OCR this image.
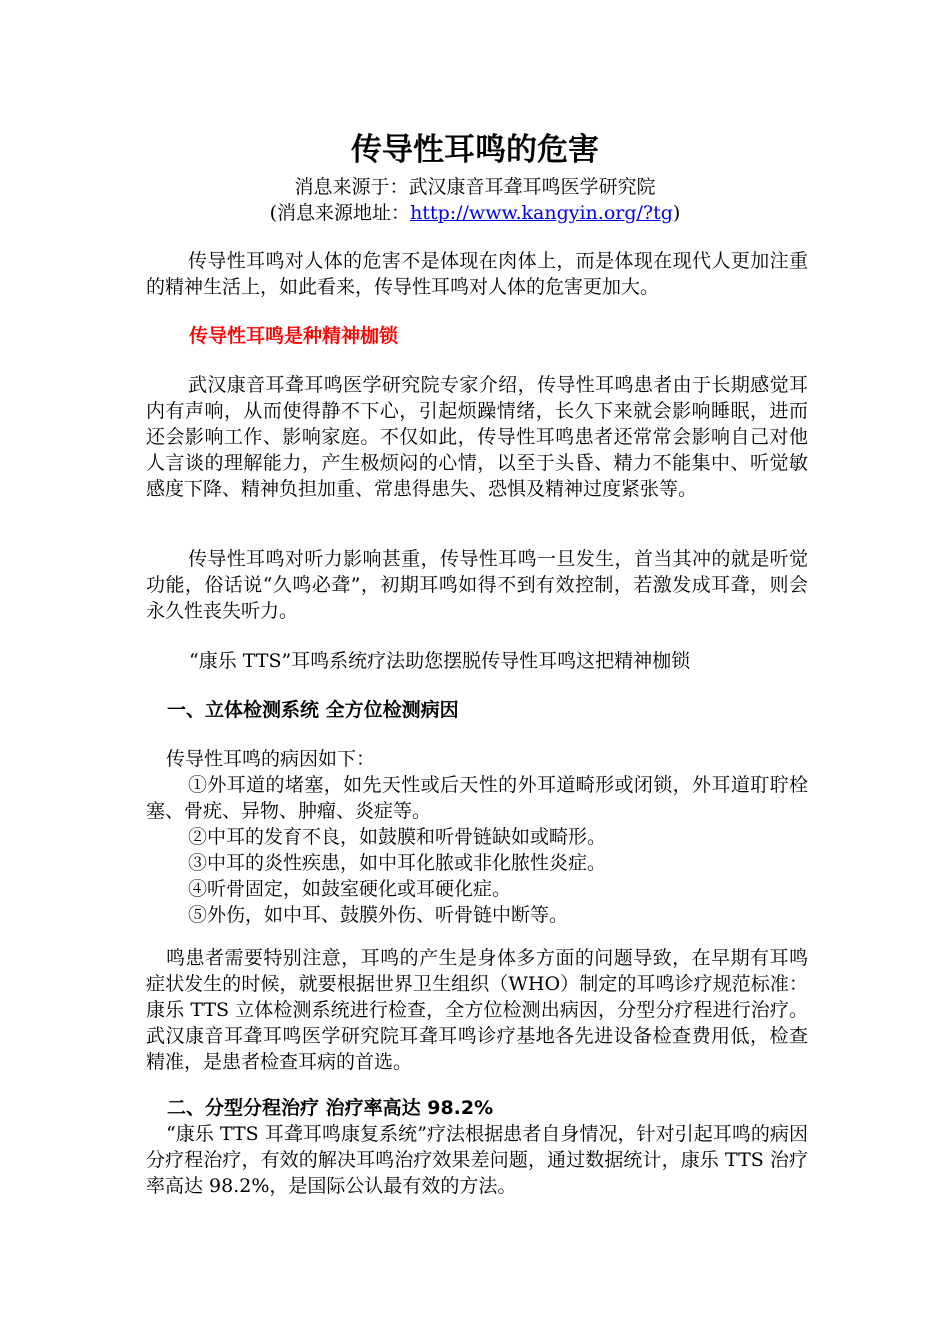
传导性耳鸣的危害

消息来源于：武汉康音耳聋耳鸣医学研究院

(消息来源地址：http://www.kangyin.org/?tg)

传导性耳鸣对人体的危害不是体现在肉体上，而是体现在现代人更加注重的精神生活上，如此看来，传导性耳鸣对人体的危害更加大。

传导性耳鸣是种精神枷锁

武汉康音耳聋耳鸣医学研究院专家介绍，传导性耳鸣患者由于长期感觉耳内有声响，从而使得静不下心，引起烦躁情绪，长久下来就会影响睡眠，进而还会影响工作、影响家庭。不仅如此，传导性耳鸣患者还常常会影响自己对他人言谈的理解能力，产生极烦闷的心情，以至于头昏、精力不能集中、听觉敏感度下降、精神负担加重、常患得患失、恐惧及精神过度紧张等。

传导性耳鸣对听力影响甚重，传导性耳鸣一旦发生，首当其冲的就是听觉功能，俗话说“久鸣必聋”，初期耳鸣如得不到有效控制，若激发成耳聋，则会永久性丧失听力。

“康乐 TTS”耳鸣系统疗法助您摆脱传导性耳鸣这把精神枷锁

一、立体检测系统 全方位检测病因

传导性耳鸣的病因如下：

①外耳道的堵塞，如先天性或后天性的外耳道畸形或闭锁，外耳道耵聍栓塞、骨疣、异物、肿瘤、炎症等。
②中耳的发育不良，如鼓膜和听骨链缺如或畸形。
③中耳的炎性疾患，如中耳化脓或非化脓性炎症。
④听骨固定，如鼓室硬化或耳硬化症。
⑤外伤，如中耳、鼓膜外伤、听骨链中断等。

鸣患者需要特别注意，耳鸣的产生是身体多方面的问题导致，在早期有耳鸣症状发生的时候，就要根据世界卫生组织（WHO）制定的耳鸣诊疗规范标准：康乐 TTS 立体检测系统进行检查，全方位检测出病因，分型分疗程进行治疗。武汉康音耳聋耳鸣医学研究院耳聋耳鸣诊疗基地各先进设备检查费用低，检查精准，是患者检查耳病的首选。

二、分型分程治疗 治疗率高达 98.2%

“康乐 TTS 耳聋耳鸣康复系统”疗法根据患者自身情况，针对引起耳鸣的病因分疗程治疗，有效的解决耳鸣治疗效果差问题，通过数据统计，康乐 TTS 治疗率高达 98.2%，是国际公认最有效的方法。
